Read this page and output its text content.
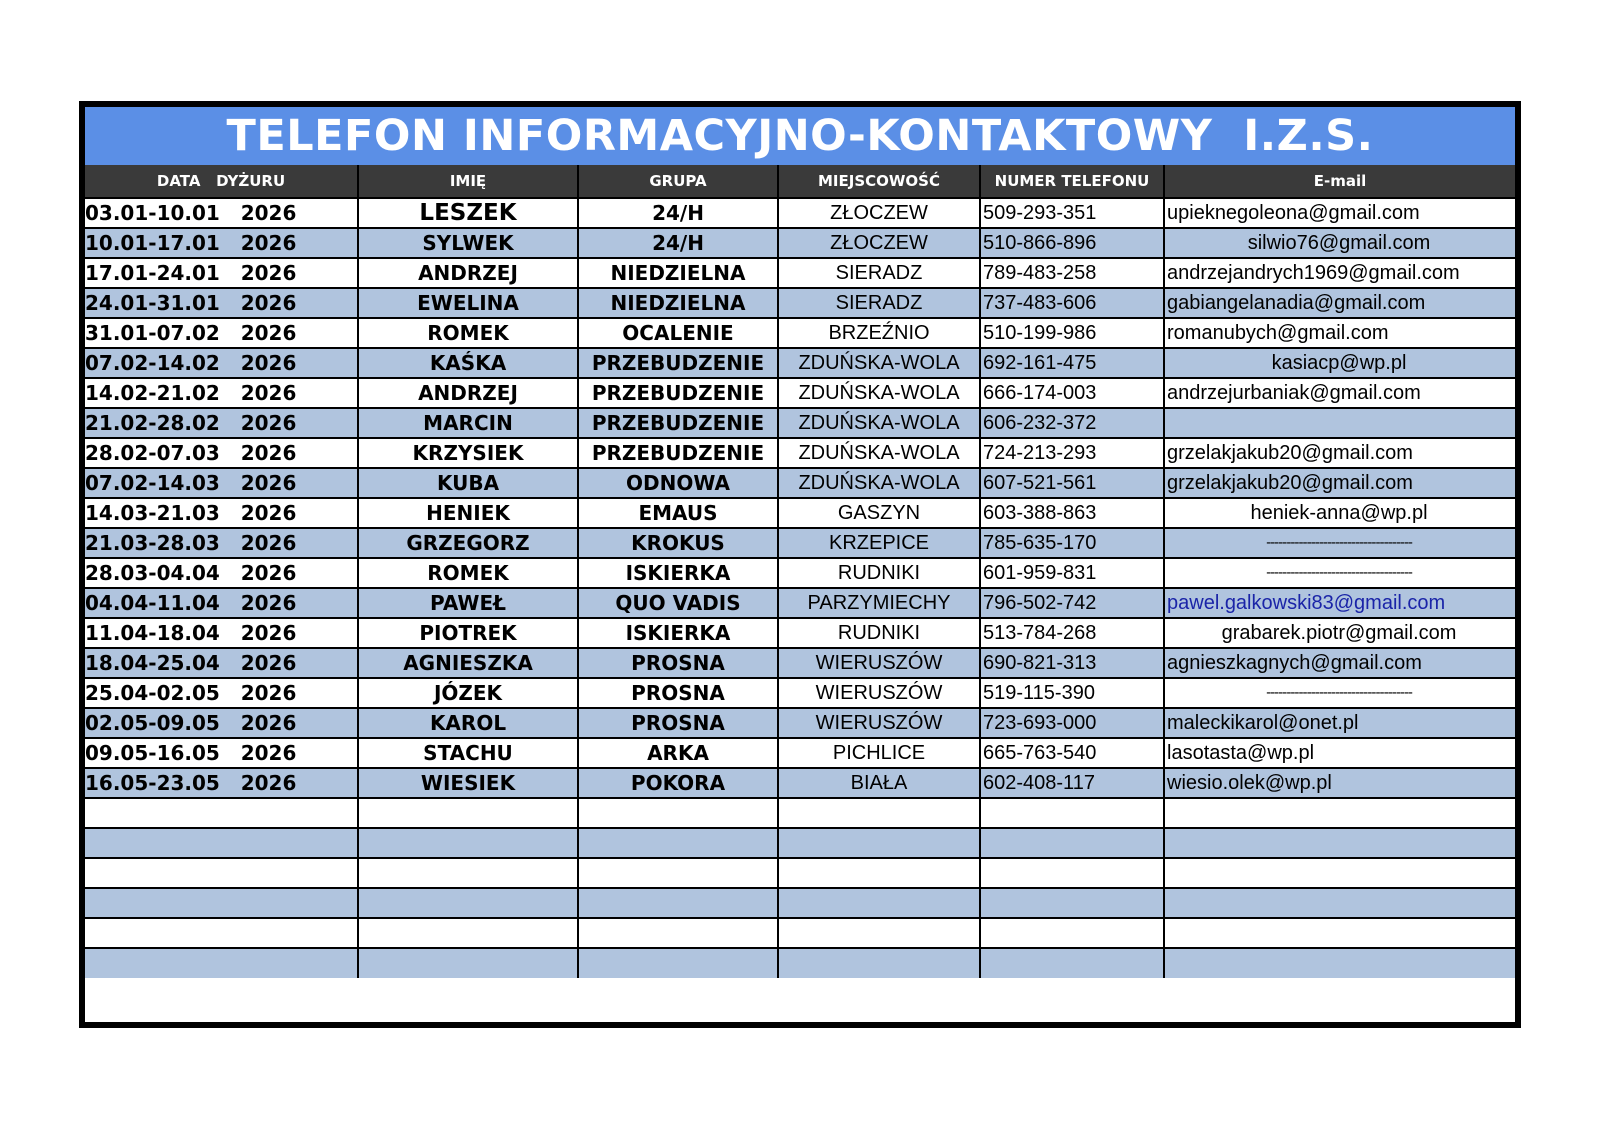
TELEFON INFORMACYJNO-KONTAKTOWY  I.Z.S.
DATA   DYŻURU	IMIĘ	GRUPA	MIEJSCOWOŚĆ	NUMER TELEFONU	E-mail
03.01-10.01   2026	LESZEK	24/H	ZŁOCZEW	509-293-351	upieknegoleona@gmail.com
10.01-17.01   2026	SYLWEK	24/H	ZŁOCZEW	510-866-896	silwio76@gmail.com
17.01-24.01   2026	ANDRZEJ	NIEDZIELNA	SIERADZ	789-483-258	andrzejandrych1969@gmail.com
24.01-31.01   2026	EWELINA	NIEDZIELNA	SIERADZ	737-483-606	gabiangelanadia@gmail.com
31.01-07.02   2026	ROMEK	OCALENIE	BRZEŹNIO	510-199-986	romanubych@gmail.com
07.02-14.02   2026	KAŚKA	PRZEBUDZENIE	ZDUŃSKA-WOLA	692-161-475	kasiacp@wp.pl
14.02-21.02   2026	ANDRZEJ	PRZEBUDZENIE	ZDUŃSKA-WOLA	666-174-003	andrzejurbaniak@gmail.com
21.02-28.02   2026	MARCIN	PRZEBUDZENIE	ZDUŃSKA-WOLA	606-232-372	
28.02-07.03   2026	KRZYSIEK	PRZEBUDZENIE	ZDUŃSKA-WOLA	724-213-293	grzelakjakub20@gmail.com
07.02-14.03   2026	KUBA	ODNOWA	ZDUŃSKA-WOLA	607-521-561	grzelakjakub20@gmail.com
14.03-21.03   2026	HENIEK	EMAUS	GASZYN	603-388-863	heniek-anna@wp.pl
21.03-28.03   2026	GRZEGORZ	KROKUS	KRZEPICE	785-635-170	------------------------------------
28.03-04.04   2026	ROMEK	ISKIERKA	RUDNIKI	601-959-831	------------------------------------
04.04-11.04   2026	PAWEŁ	QUO VADIS	PARZYMIECHY	796-502-742	pawel.galkowski83@gmail.com
11.04-18.04   2026	PIOTREK	ISKIERKA	RUDNIKI	513-784-268	grabarek.piotr@gmail.com
18.04-25.04   2026	AGNIESZKA	PROSNA	WIERUSZÓW	690-821-313	agnieszkagnych@gmail.com
25.04-02.05   2026	JÓZEK	PROSNA	WIERUSZÓW	519-115-390	------------------------------------
02.05-09.05   2026	KAROL	PROSNA	WIERUSZÓW	723-693-000	maleckikarol@onet.pl
09.05-16.05   2026	STACHU	ARKA	PICHLICE	665-763-540	lasotasta@wp.pl
16.05-23.05   2026	WIESIEK	POKORA	BIAŁA	602-408-117	wiesio.olek@wp.pl
